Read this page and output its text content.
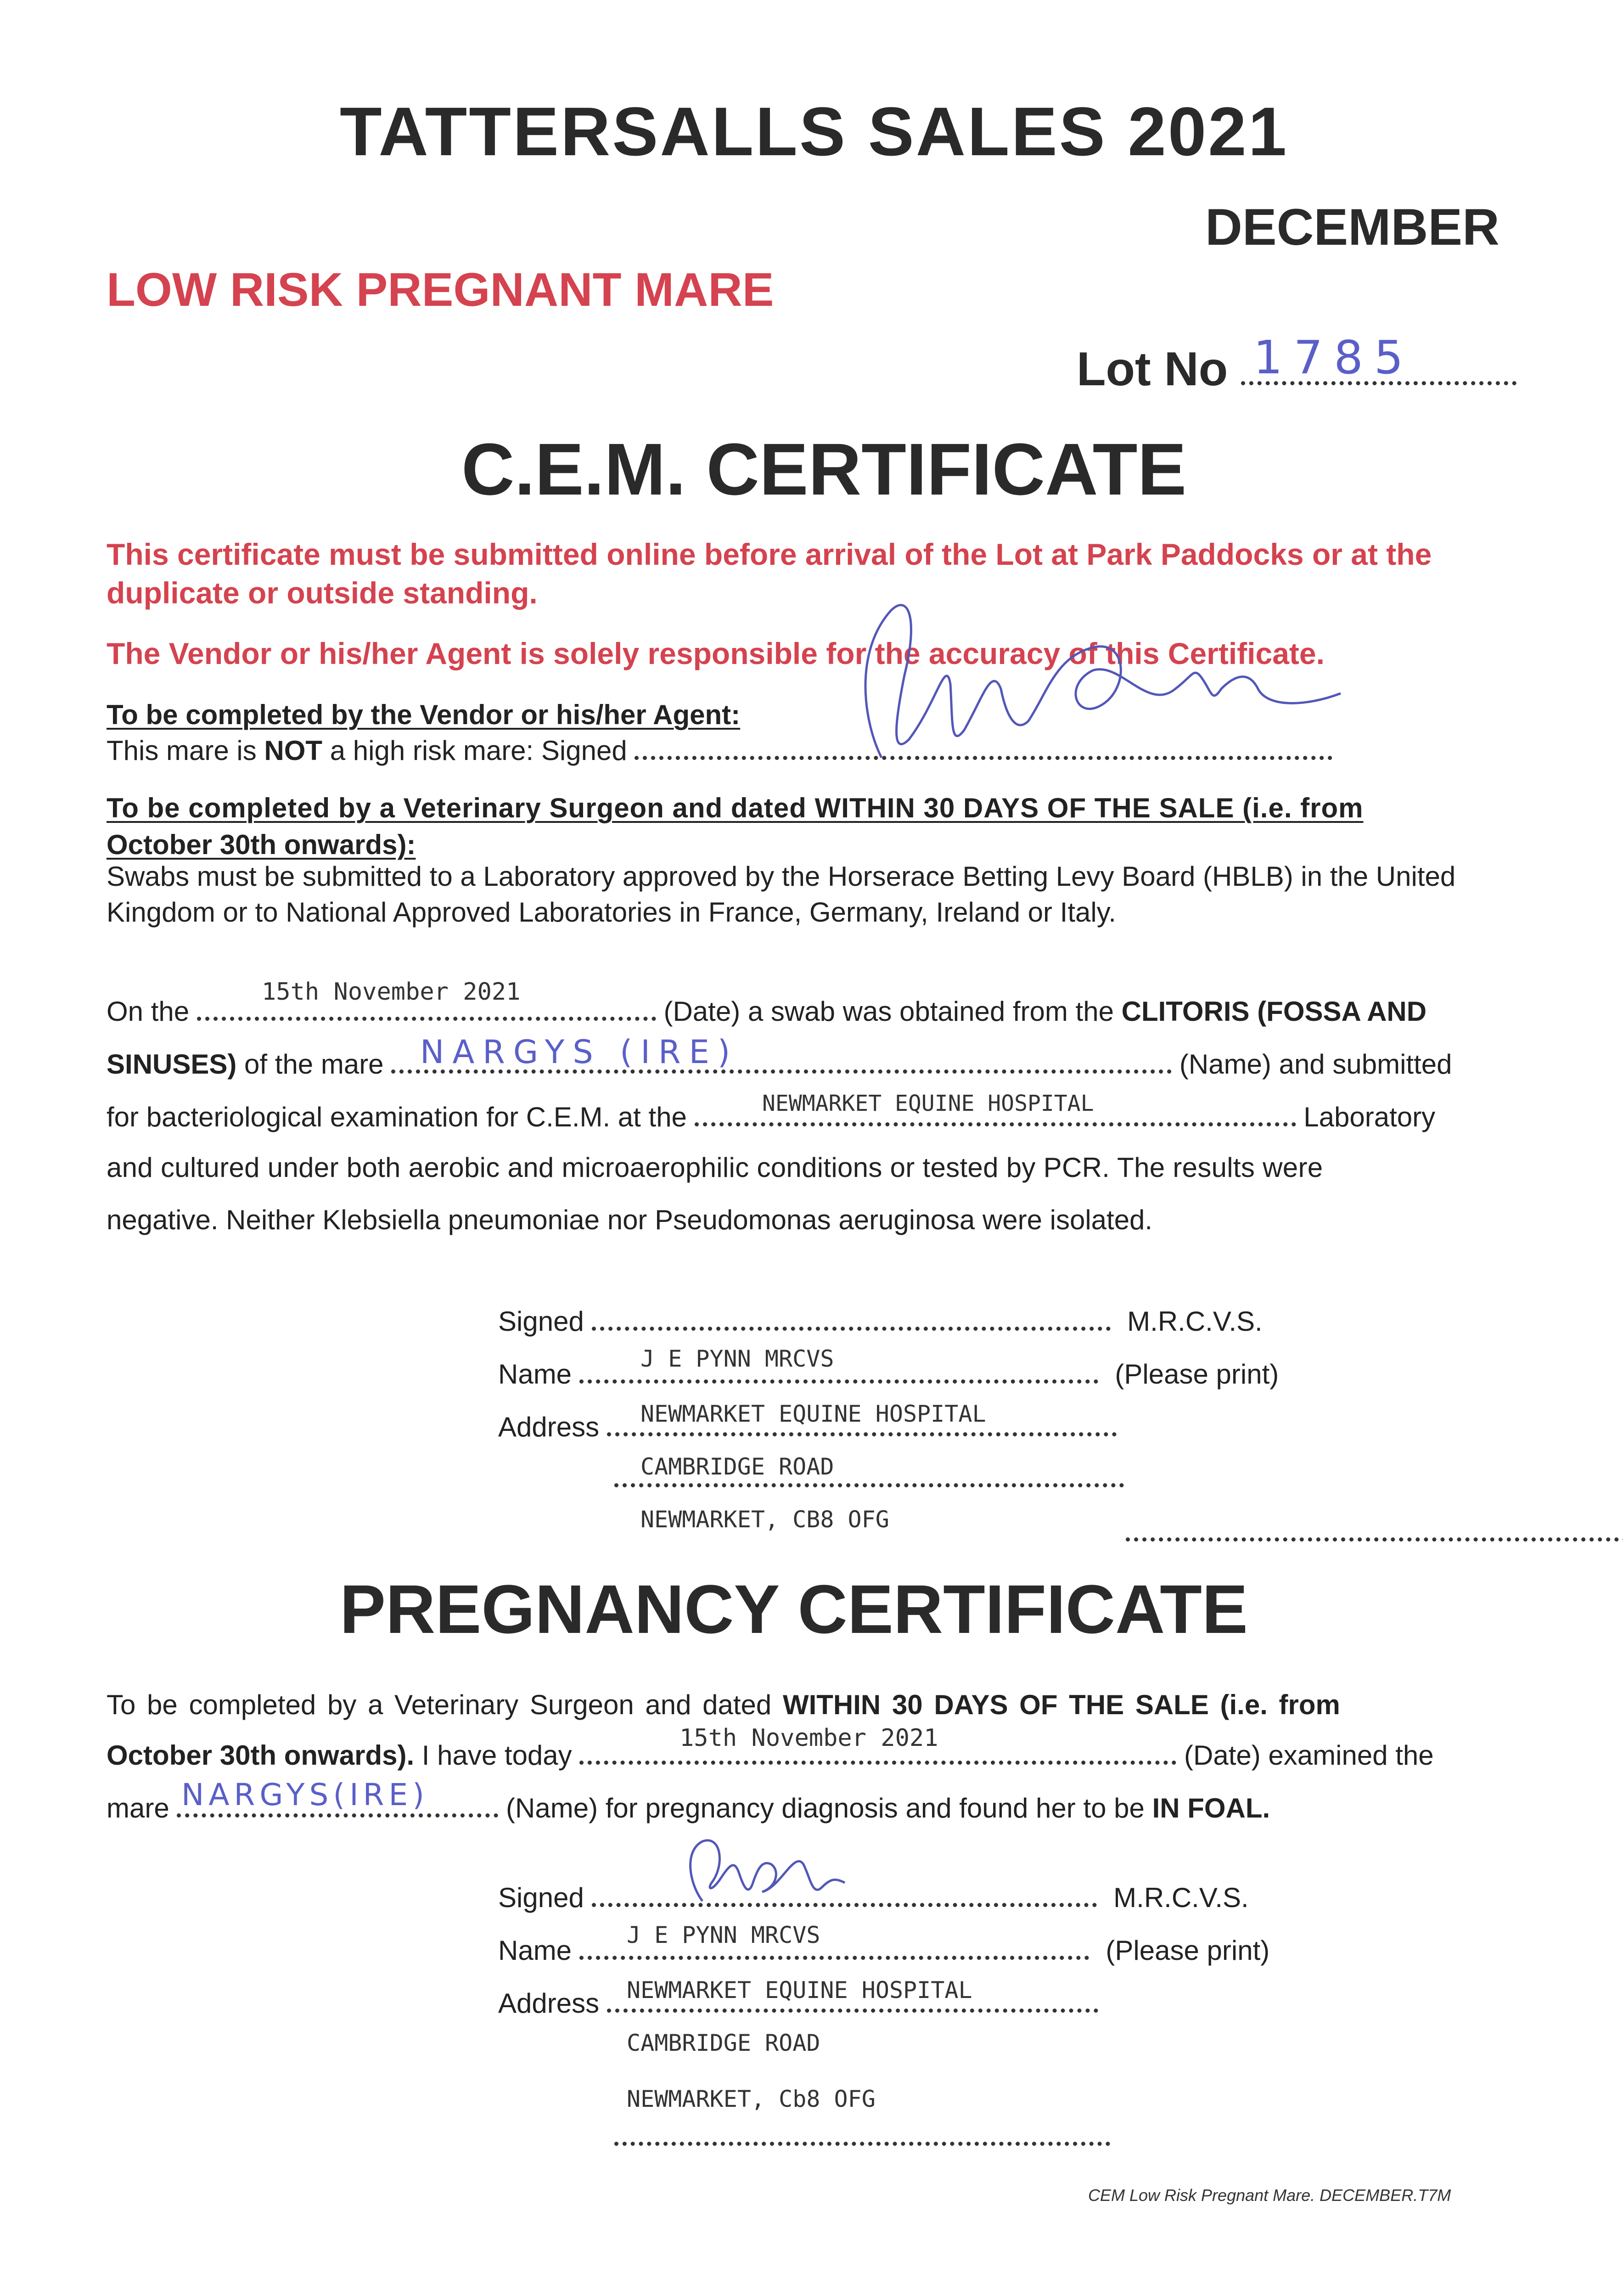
TATTERSALLS SALES 2021
DECEMBER
LOW RISK PREGNANT MARE
Lot No 1785
C.E.M. CERTIFICATE
This certificate must be submitted online before arrival of the Lot at Park Paddocks or at the duplicate or outside standing.
The Vendor or his/her Agent is solely responsible for the accuracy of this Certificate.
To be completed by the Vendor or his/her Agent:
This mare is NOT a high risk mare: Signed
To be completed by a Veterinary Surgeon and dated WITHIN 30 DAYS OF THE SALE (i.e. from
October 30th onwards):
Swabs must be submitted to a Laboratory approved by the Horserace Betting Levy Board (HBLB) in the United Kingdom or to National Approved Laboratories in France, Germany, Ireland or Italy.
On the	(Date) a swab was obtained from the CLITORIS (FOSSA AND
15th November 2021
SINUSES) of the mare	(Name) and submitted
NARGYS (IRE)
for bacteriological examination for C.E.M. at the	Laboratory
NEWMARKET EQUINE HOSPITAL
and cultured under both aerobic and microaerophilic conditions or tested by PCR. The results were
negative. Neither Klebsiella pneumoniae nor Pseudomonas aeruginosa were isolated.
Signed	M.R.C.V.S.
Name	(Please print)
J E PYNN MRCVS
Address	NEWMARKET EQUINE HOSPITAL

CAMBRIDGE ROAD

NEWMARKET, CB8 OFG
PREGNANCY CERTIFICATE
To be completed by a Veterinary Surgeon and dated WITHIN 30 DAYS OF THE SALE (i.e. from
October 30th onwards). I have today	(Date) examined the
15th November 2021
mare	(Name) for pregnancy diagnosis and found her to be IN FOAL.
NARGYS(IRE)
Signed	M.R.C.V.S.
Name	(Please print)
J E PYNN MRCVS
Address	NEWMARKET EQUINE HOSPITAL

CAMBRIDGE ROAD
NEWMARKET, Cb8 OFG
CEM Low Risk Pregnant Mare. DECEMBER.T7M
